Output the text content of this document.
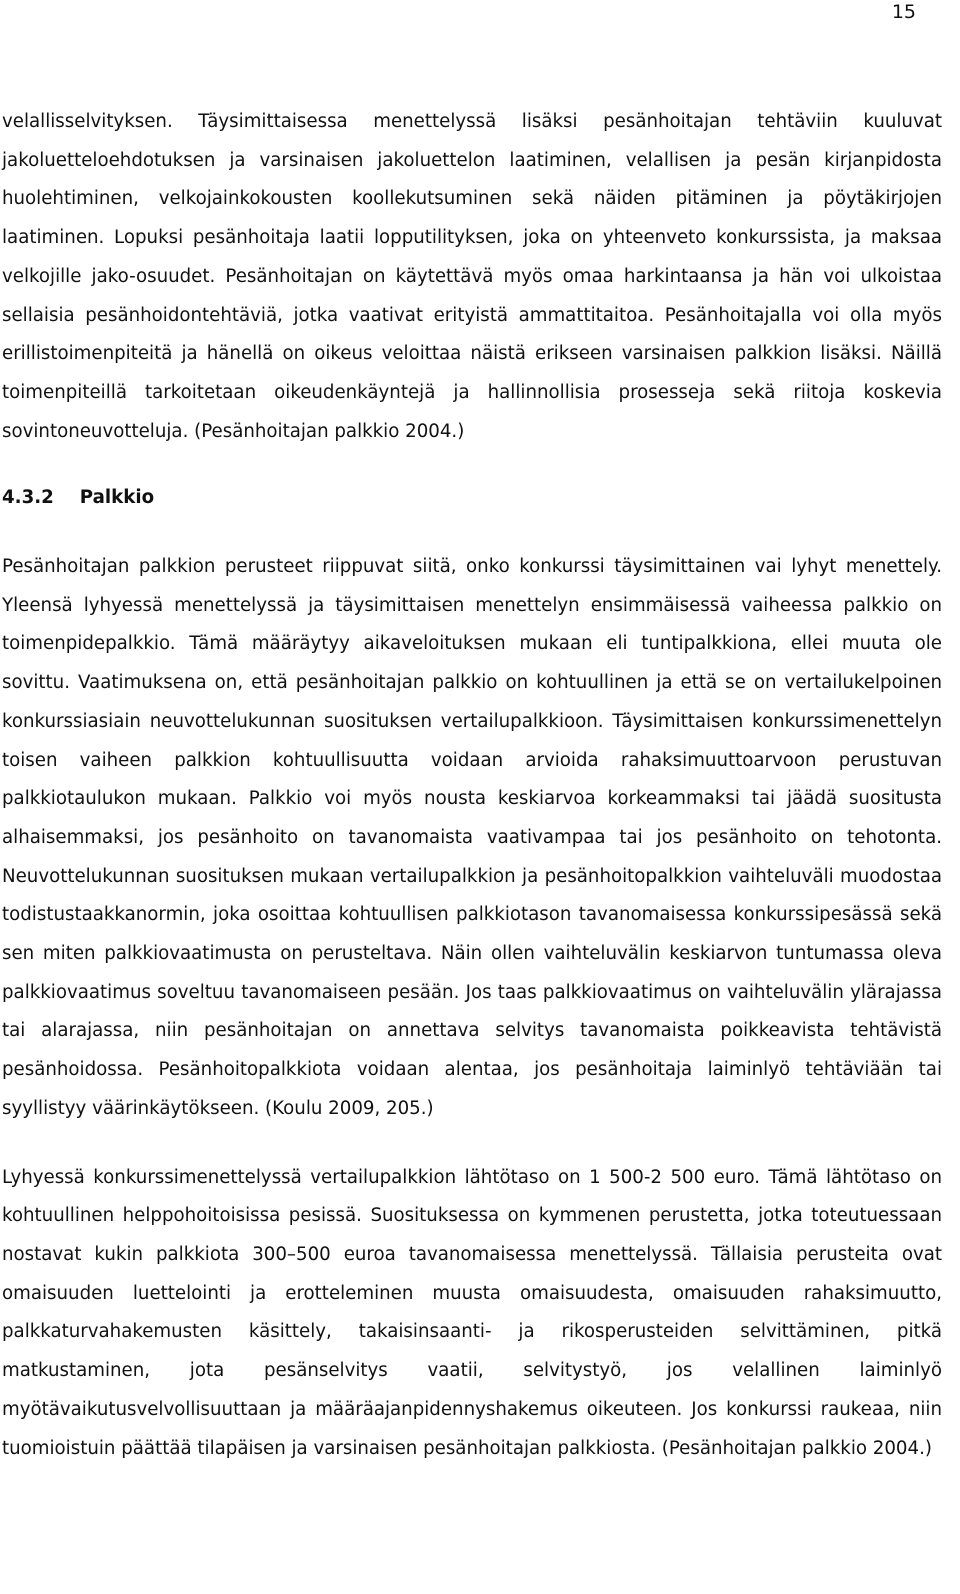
15

velallisselvityksen. Täysimittaisessa menettelyssä lisäksi pesänhoitajan tehtäviin kuuluvat jakoluetteloehdotuksen ja varsinaisen jakoluettelon laatiminen, velallisen ja pesän kirjanpidosta huolehtiminen, velkojainkokousten koollekutsuminen sekä näiden pitäminen ja pöytäkirjojen laatiminen. Lopuksi pesänhoitaja laatii lopputilityksen, joka on yhteenveto konkurssista, ja maksaa velkojille jako-osuudet. Pesänhoitajan on käytettävä myös omaa harkintaansa ja hän voi ulkoistaa sellaisia pesänhoidontehtäviä, jotka vaativat erityistä ammattitaitoa. Pesänhoitajalla voi olla myös erillistoimenpiteitä ja hänellä on oikeus veloittaa näistä erikseen varsinaisen palkkion lisäksi. Näillä toimenpiteillä tarkoitetaan oikeudenkäyntejä ja hallinnollisia prosesseja sekä riitoja koskevia sovintoneuvotteluja. (Pesänhoitajan palkkio 2004.)

4.3.2 Palkkio

Pesänhoitajan palkkion perusteet riippuvat siitä, onko konkurssi täysimittainen vai lyhyt menettely. Yleensä lyhyessä menettelyssä ja täysimittaisen menettelyn ensimmäisessä vaiheessa palkkio on toimenpidepalkkio. Tämä määräytyy aikaveloituksen mukaan eli tuntipalkkiona, ellei muuta ole sovittu. Vaatimuksena on, että pesänhoitajan palkkio on kohtuullinen ja että se on vertailukelpoinen konkurssiasiain neuvottelukunnan suosituksen vertailupalkkioon. Täysimittaisen konkurssimenettelyn toisen vaiheen palkkion kohtuullisuutta voidaan arvioida rahaksimuuttoarvoon perustuvan palkkiotaulukon mukaan. Palkkio voi myös nousta keskiarvoa korkeammaksi tai jäädä suositusta alhaisemmaksi, jos pesänhoito on tavanomaista vaativampaa tai jos pesänhoito on tehotonta. Neuvottelukunnan suosituksen mukaan vertailupalkkion ja pesänhoitopalkkion vaihteluväli muodostaa todistustaakkanormin, joka osoittaa kohtuullisen palkkiotason tavanomaisessa konkurssipesässä sekä sen miten palkkiovaatimusta on perusteltava. Näin ollen vaihteluvälin keskiarvon tuntumassa oleva palkkiovaatimus soveltuu tavanomaiseen pesään. Jos taas palkkiovaatimus on vaihteluvälin ylärajassa tai alarajassa, niin pesänhoitajan on annettava selvitys tavanomaista poikkeavista tehtävistä pesänhoidossa. Pesänhoitopalkkiota voidaan alentaa, jos pesänhoitaja laiminlyö tehtäviään tai syyllistyy väärinkäytökseen. (Koulu 2009, 205.)

Lyhyessä konkurssimenettelyssä vertailupalkkion lähtötaso on 1 500-2 500 euro. Tämä lähtötaso on kohtuullinen helppohoitoisissa pesissä. Suosituksessa on kymmenen perustetta, jotka toteutuessaan nostavat kukin palkkiota 300–500 euroa tavanomaisessa menettelyssä. Tällaisia perusteita ovat omaisuuden luettelointi ja erotteleminen muusta omaisuudesta, omaisuuden rahaksimuutto, palkkaturvahakemusten käsittely, takaisinsaanti- ja rikosperusteiden selvittäminen, pitkä matkustaminen, jota pesänselvitys vaatii, selvitystyö, jos velallinen laiminlyö myötävaikutusvelvollisuuttaan ja määräajanpidennyshakemus oikeuteen. Jos konkurssi raukeaa, niin tuomioistuin päättää tilapäisen ja varsinaisen pesänhoitajan palkkiosta. (Pesänhoitajan palkkio 2004.)
